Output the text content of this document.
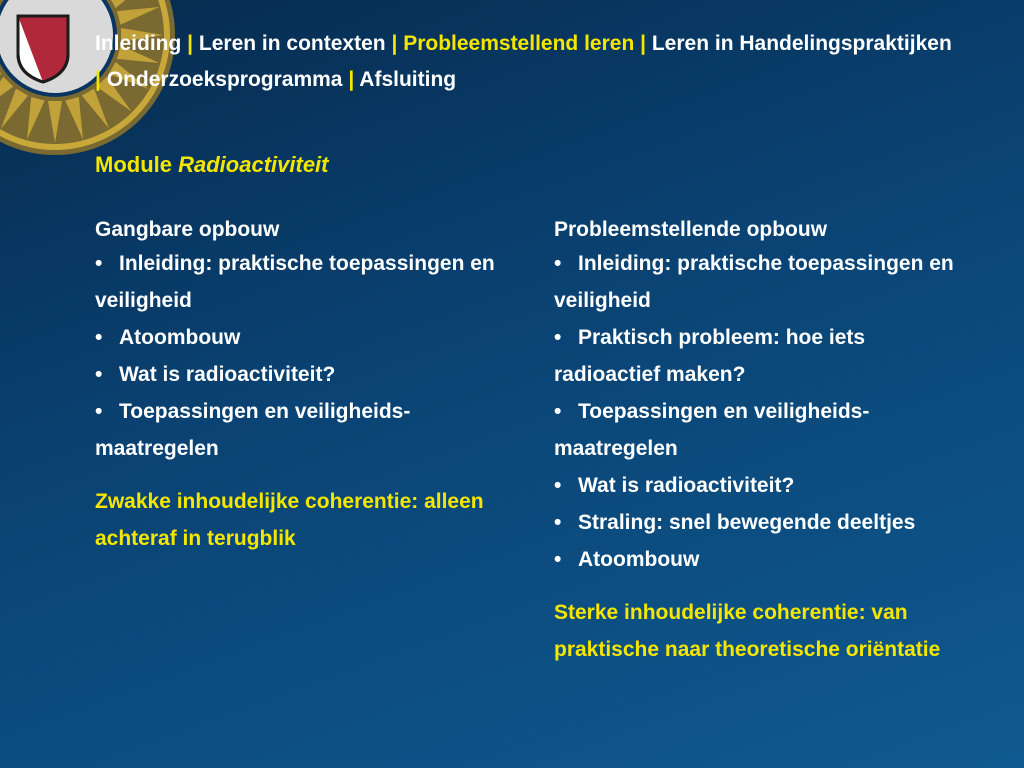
Inleiding | Leren in contexten | Probleemstellend leren | Leren in Handelingspraktijken | Onderzoeksprogramma | Afsluiting
Module Radioactiviteit
Gangbare opbouw
• Inleiding: praktische toepassingen en veiligheid
• Atoombouw
• Wat is radioactiviteit?
• Toepassingen en veiligheids-maatregelen
Zwakke inhoudelijke coherentie: alleen achteraf in terugblik
Probleemstellende opbouw
• Inleiding: praktische toepassingen en veiligheid
• Praktisch probleem: hoe iets radioactief maken?
• Toepassingen en veiligheids-maatregelen
• Wat is radioactiviteit?
• Straling: snel bewegende deeltjes
• Atoombouw
Sterke inhoudelijke coherentie: van praktische naar theoretische oriëntatie
